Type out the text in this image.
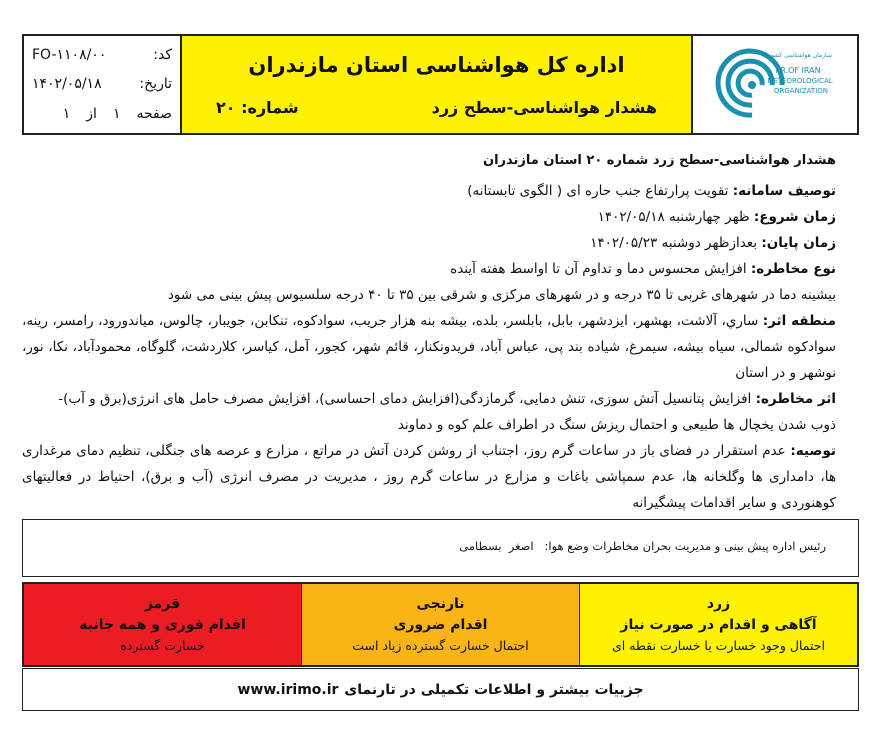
FO-۱۱۰۸/۰۰	کد:
۱۴۰۲/۰۵/۱۸	تاریخ:
صفحه
۱
از
۱
اداره کل هواشناسی استان مازندران
هشدار هواشناسی-سطح زرد
شماره: ۲۰
سازمان هواشناسی کشور
I.R.OF IRAN
METEOROLOGICAL
ORGANIZATION
هشدار هواشناسی-سطح زرد شماره ۲۰ استان مازندران
توصیف سامانه: تقویت پرارتفاع جنب حاره ای ( الگوی تابستانه)
زمان شروع: ظهر چهارشنبه ۱۴۰۲/۰۵/۱۸
زمان پایان: بعدازظهر دوشنبه ۱۴۰۲/۰۵/۲۳
نوع مخاطره: افزایش محسوس دما و تداوم آن تا اواسط هفته آینده
بیشینه دما در شهرهای غربی تا ۳۵ درجه و در شهرهای مرکزی و شرقی بین ۳۵ تا ۴۰ درجه سلسیوس پیش بینی می شود
منطقه اثر: ساري، آلاشت، بهشهر، ایزدشهر، بابل، بابلسر، بلده، بیشه بنه هزار جریب، سوادکوه، تنکابن، جویبار، چالوس، میاندورود، رامسر، رینه، سوادکوه شمالی، سیاه بیشه، سیمرغ، شیاده بند پی، عباس آباد، فریدونکنار، قائم شهر، کجور، آمل، کیاسر، کلاردشت، گلوگاه، محمودآباد، نکا، نور، نوشهر و در استان
اثر مخاطره: افزایش پتانسیل آتش سوزی، تنش دمایی، گرمازدگی(افزایش دمای احساسی)، افزایش مصرف حامل های انرژی(برق و آب)-
ذوب شدن یخچال ها طبیعی و احتمال ریزش سنگ در اطراف علم کوه و دماوند
توصیه: عدم استقرار در فضای باز در ساعات گرم روز، اجتناب از روشن کردن آتش در مراتع ، مزارع و عرصه های جنگلی، تنظیم دمای مرغداری ها، دامداری ها وگلخانه ها، عدم سمپاشی باغات و مزارع در ساعات گرم روز ، مدیریت در مصرف انرژی (آب و برق)، احتیاط در فعالیتهای کوهنوردی و سایر اقدامات پیشگیرانه
رئیس اداره پیش بینی و مدیریت بحران مخاطرات وضع هوا:
اصغر  بسطامی
زرد
آگاهی و اقدام در صورت نیاز
احتمال وجود خسارت یا خسارت نقطه ای
نارنجی
اقدام ضروری
احتمال خسارت گسترده زیاد است
قرمز
اقدام فوری و همه جانبه
خسارت گسترده
جزییات بیشتر و اطلاعات تکمیلی در تارنمای
www.irimo.ir
